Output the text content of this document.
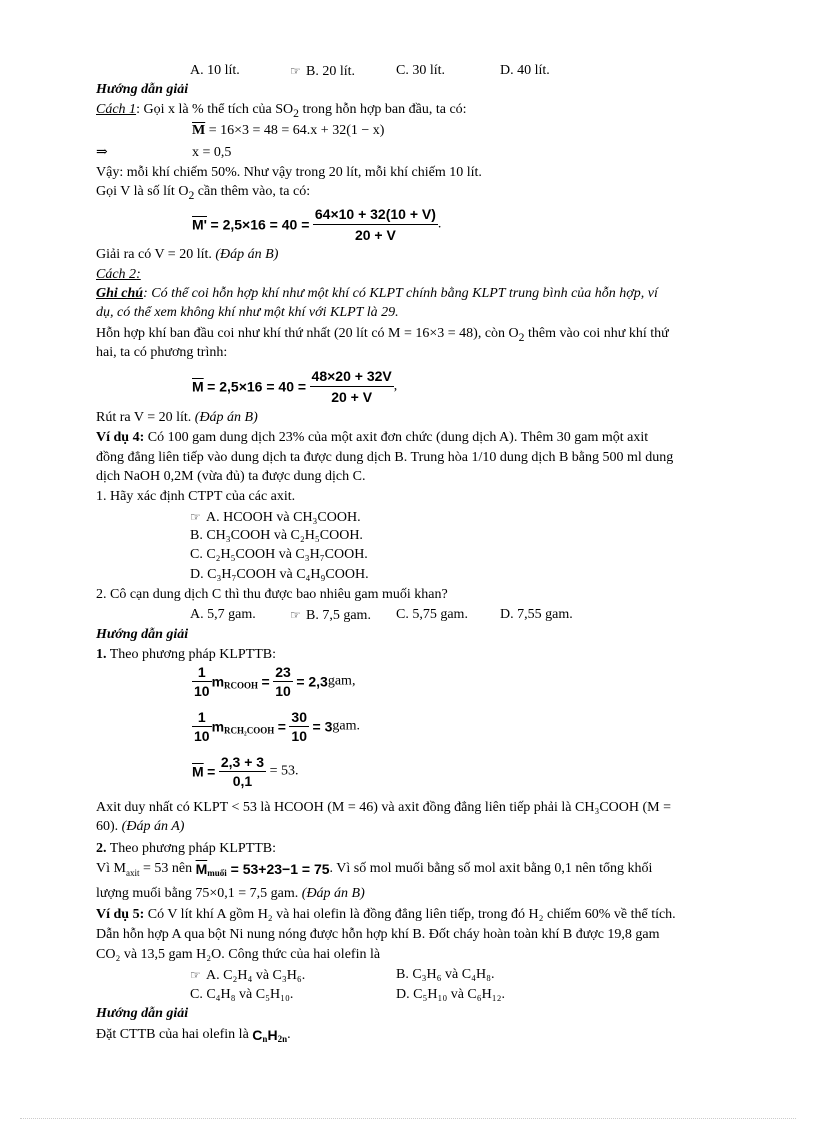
A. 10 lít.	☞ B. 20 lít.	C. 30 lít.	D. 40 lít.
Hướng dẫn giải
Cách 1: Gọi x là % thể tích của $SO_2$ trong hỗn hợp ban đầu, ta có:
$\overline{M} = 16\times 3 = 48 = 64.x + 32(1 - x)$
⇒	x = 0,5
Vậy: mỗi khí chiếm 50%. Như vậy trong 20 lít, mỗi khí chiếm 10 lít.
Gọi V là số lít $O_2$ cần thêm vào, ta có:
$M' = 2,5\times 16 = 40 = \frac{64\times 10 + 32(10 + V)}{20 + V}$ .
Giải ra có V = 20 lít. (Đáp án B)
Cách 2:
Ghi chú: Có thể coi hỗn hợp khí như một khí có KLPT chính bằng KLPT trung bình của hỗn hợp, ví
dụ, có thể xem không khí như một khí với KLPT là 29.
Hỗn hợp khí ban đầu coi như khí thứ nhất (20 lít có M = 16×3 = 48), còn $O_2$ thêm vào coi như khí thứ
hai, ta có phương trình:
$\overline{M} = 2,5\times 16 = 40 = \frac{48\times 20 + 32V}{20 + V}$ ,
Rút ra V = 20 lít. (Đáp án B)
Ví dụ 4: Có 100 gam dung dịch 23% của một axit đơn chức (dung dịch A). Thêm 30 gam một axit
đồng đẳng liên tiếp vào dung dịch ta được dung dịch B. Trung hòa 1/10 dung dịch B bằng 500 ml dung
dịch NaOH 0,2M (vừa đủ) ta được dung dịch C.
1. Hãy xác định CTPT của các axit.
☞ A. HCOOH và CH₃COOH.
B. CH₃COOH và C₂H₅COOH.
C. C₂H₅COOH và C₃H₇COOH.
D. C₃H₇COOH và C₄H₉COOH.
2. Cô cạn dung dịch C thì thu được bao nhiêu gam muối khan?
A. 5,7 gam.	☞ B. 7,5 gam. C. 5,75 gam. D. 7,55 gam.
Hướng dẫn giải
1. Theo phương pháp KLPTTB:
$\frac{1}{10} m_{RCOOH} = \frac{23}{10} = 2,3gam$,
$\frac{1}{10} m_{RCH_2COOH} = \frac{30}{10} = 3gam$.
$\overline{M} = \frac{2,3 + 3}{0,1} = 53$.
Axit duy nhất có KLPT < 53 là HCOOH (M = 46) và axit đồng đẳng liên tiếp phải là CH₃COOH (M =
60). (Đáp án A)
2. Theo phương pháp KLPTTB:
Vì $M_{axit} = 53$ nên $\overline{M}_{muối} = 53+23-1 = 75$. Vì số mol muối bằng số mol axit bằng 0,1 nên tổng khối
lượng muối bằng 75×0,1 = 7,5 gam. (Đáp án B)
Ví dụ 5: Có V lít khí A gồm H₂ và hai olefin là đồng đẳng liên tiếp, trong đó H₂ chiếm 60% về thể tích.
Dẫn hỗn hợp A qua bột Ni nung nóng được hỗn hợp khí B. Đốt cháy hoàn toàn khí B được 19,8 gam
CO₂ và 13,5 gam H₂O. Công thức của hai olefin là
☞ A. C₂H₄ và C₃H₆.	B. C₃H₆ và C₄H₈.
C. C₄H₈ và C₅H₁₀.	D. C₅H₁₀ và C₆H₁₂.
Hướng dẫn giải
Đặt CTTB của hai olefin là $C_nH_{2n}$.
